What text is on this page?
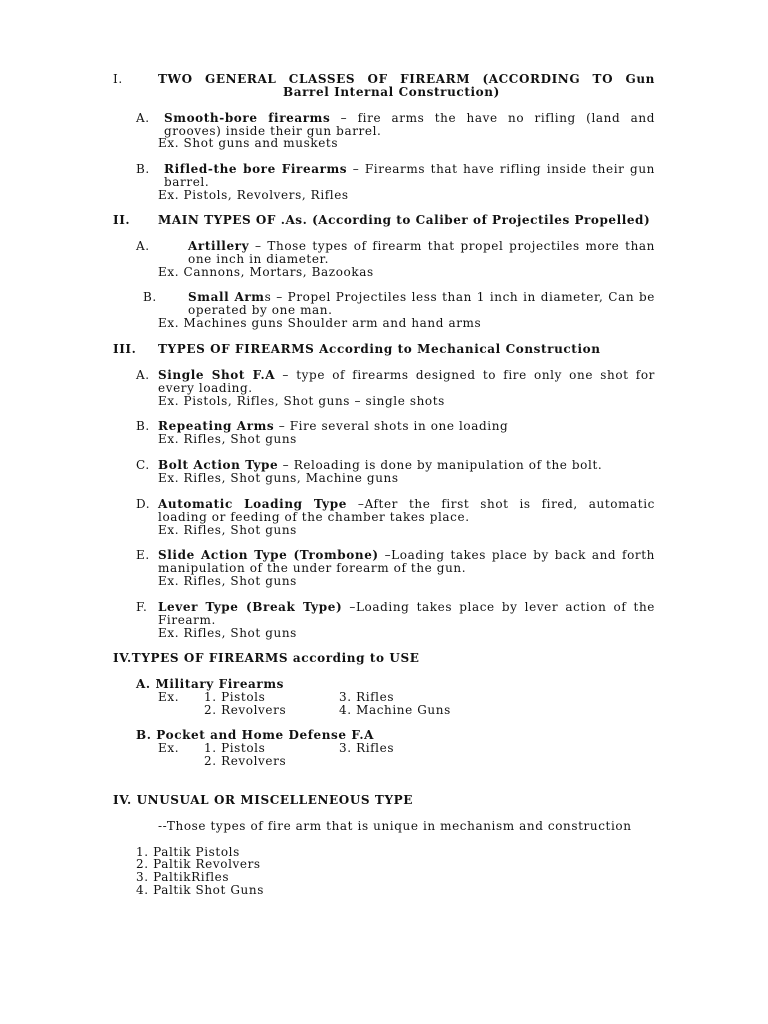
I.	TWO GENERAL CLASSES OF FIREARM (ACCORDING TO Gun
Barrel Internal Construction)
A. Smooth-bore firearms – fire arms the have no rifling (land and
grooves) inside their gun barrel.
Ex. Shot guns and muskets
B. Rifled-the bore Firearms – Firearms that have rifling inside their gun
barrel.
Ex. Pistols, Revolvers, Rifles
II. MAIN TYPES OF .As. (According to Caliber of Projectiles Propelled)
A.	Artillery – Those types of firearm that propel projectiles more than
one inch in diameter.
Ex. Cannons, Mortars, Bazookas
B.	Small Arms – Propel Projectiles less than 1 inch in diameter, Can be
operated by one man.
Ex. Machines guns Shoulder arm and hand arms
III. TYPES OF FIREARMS According to Mechanical Construction
A. Single Shot F.A – type of firearms designed to fire only one shot for
every loading.
Ex. Pistols, Rifles, Shot guns – single shots
B. Repeating Arms – Fire several shots in one loading
Ex. Rifles, Shot guns
C. Bolt Action Type – Reloading is done by manipulation of the bolt.
Ex. Rifles, Shot guns, Machine guns
D. Automatic Loading Type –After the first shot is fired, automatic
loading or feeding of the chamber takes place.
Ex. Rifles, Shot guns
E. Slide Action Type (Trombone) –Loading takes place by back and forth
manipulation of the under forearm of the gun.
Ex. Rifles, Shot guns
F. Lever Type (Break Type) –Loading takes place by lever action of the
Firearm.
Ex. Rifles, Shot guns
IV.TYPES OF FIREARMS according to USE
A. Military Firearms
Ex. 1. Pistols	3. Rifles
2. Revolvers	4. Machine Guns
B. Pocket and Home Defense F.A
Ex. 1. Pistols	3. Rifles
2. Revolvers
IV. UNUSUAL OR MISCELLENEOUS TYPE
--Those types of fire arm that is unique in mechanism and construction
1. Paltik Pistols
2. Paltik Revolvers
3. PaltikRifles
4. Paltik Shot Guns
